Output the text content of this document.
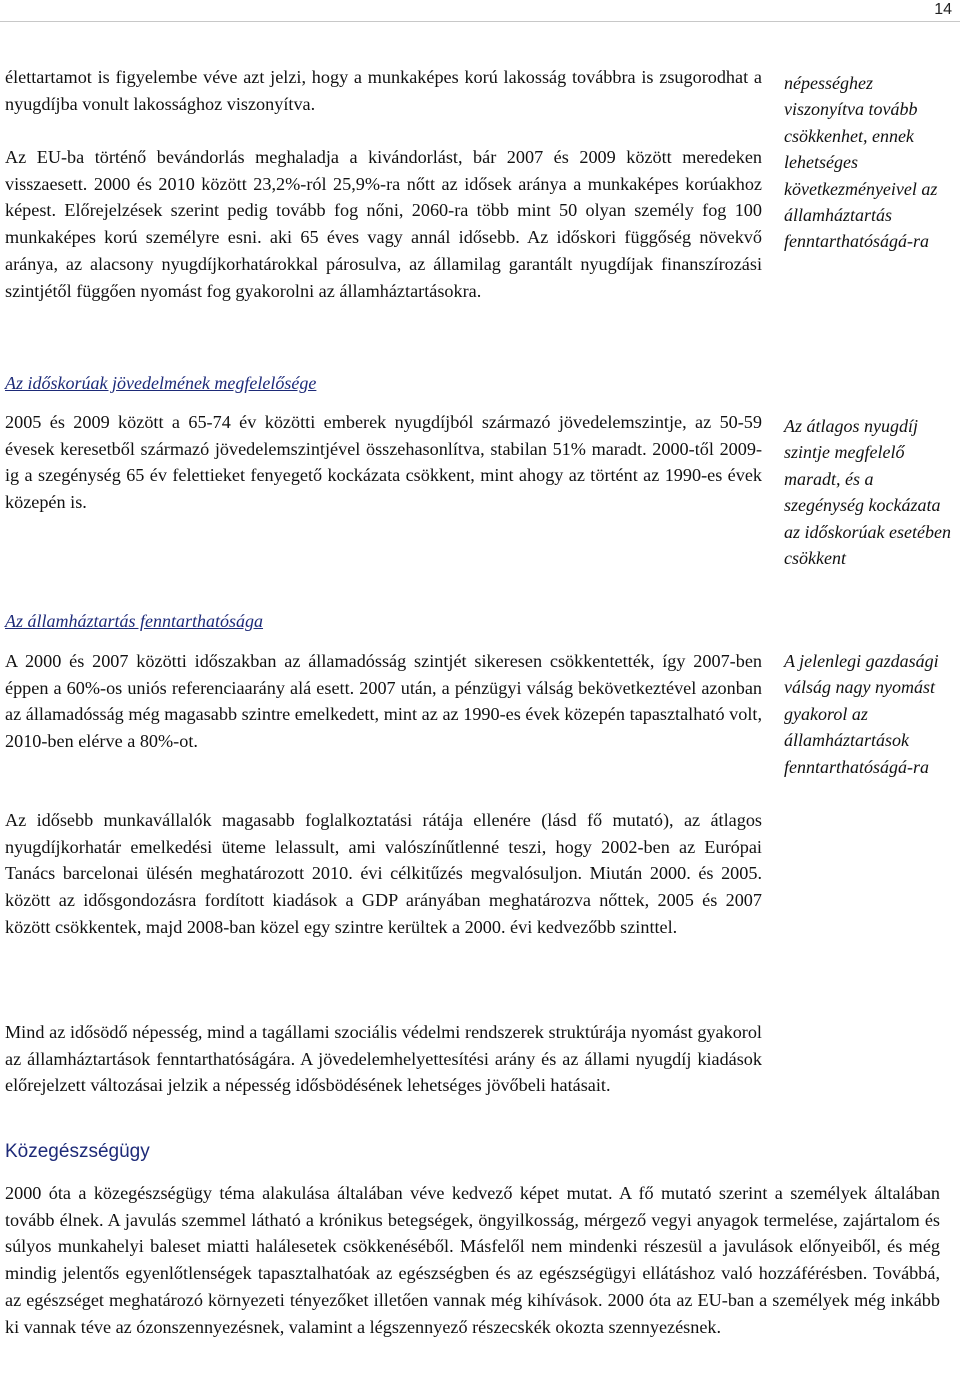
14

élettartamot is figyelembe véve azt jelzi, hogy a munkaképes korú lakosság továbbra is zsugorodhat a nyugdíjba vonult lakossághoz viszonyítva.

Az EU-ba történő bevándorlás meghaladja a kivándorlást, bár 2007 és 2009 között meredeken visszaesett. 2000 és 2010 között 23,2%-ról 25,9%-ra nőtt az idősek aránya a munkaképes korúakhoz képest. Előrejelzések szerint pedig tovább fog nőni, 2060-ra több mint 50 olyan személy fog 100 munkaképes korú személyre esni. aki 65 éves vagy annál idősebb. Az időskori függőség növekvő aránya, az alacsony nyugdíjkorhatárokkal párosulva, az államilag garantált nyugdíjak finanszírozási szintjétől függően nyomást fog gyakorolni az államháztartásokra.

Az időskorúak jövedelmének megfelelősége

2005 és 2009 között a 65-74 év közötti emberek nyugdíjból származó jövedelemszintje, az 50-59 évesek keresetből származó jövedelemszintjével összehasonlítva, stabilan 51% maradt. 2000-től 2009-ig a szegénység 65 év felettieket fenyegető kockázata csökkent, mint ahogy az történt az 1990-es évek közepén is.

Az államháztartás fenntarthatósága

A 2000 és 2007 közötti időszakban az államadósság szintjét sikeresen csökkentették, így 2007-ben éppen a 60%-os uniós referenciaarány alá esett. 2007 után, a pénzügyi válság bekövetkeztével azonban az államadósság még magasabb szintre emelkedett, mint az az 1990-es évek közepén tapasztalható volt, 2010-ben elérve a 80%-ot.

Az idősebb munkavállalók magasabb foglalkoztatási rátája ellenére (lásd fő mutató), az átlagos nyugdíjkorhatár emelkedési üteme lelassult, ami valószínűtlenné teszi, hogy 2002-ben az Európai Tanács barcelonai ülésén meghatározott 2010. évi célkitűzés megvalósuljon. Miután 2000. és 2005. között az idősgondozásra fordított kiadások a GDP arányában meghatározva nőttek, 2005 és 2007 között csökkentek, majd 2008-ban közel egy szintre kerültek a 2000. évi kedvezőbb szinttel.

Mind az idősödő népesség, mind a tagállami szociális védelmi rendszerek struktúrája nyomást gyakorol az államháztartások fenntarthatóságára. A jövedelemhelyettesítési arány és az állami nyugdíj kiadások előrejelzett változásai jelzik a népesség idősbödésének lehetséges jövőbeli hatásait.

Közegészségügy

2000 óta a közegészségügy téma alakulása általában véve kedvező képet mutat. A fő mutató szerint a személyek általában tovább élnek. A javulás szemmel látható a krónikus betegségek, öngyilkosság, mérgező vegyi anyagok termelése, zajártalom és súlyos munkahelyi baleset miatti halálesetek csökkenéséből. Másfelől nem mindenki részesül a javulások előnyeiből, és még mindig jelentős egyenlőtlenségek tapasztalhatóak az egészségben és az egészségügyi ellátáshoz való hozzáférésben. Továbbá, az egészséget meghatározó környezeti tényezőket illetően vannak még kihívások. 2000 óta az EU-ban a személyek még inkább ki vannak téve az ózonszennyezésnek, valamint a légszennyező részecskék okozta szennyezésnek.

népességhez viszonyítva tovább csökkenhet, ennek lehetséges következményeivel az államháztartás fenntarthatóságá-ra

Az átlagos nyugdíj szintje megfelelő maradt, és a szegénység kockázata az időskorúak esetében csökkent

A jelenlegi gazdasági válság nagy nyomást gyakorol az államháztartások fenntarthatóságá-ra
